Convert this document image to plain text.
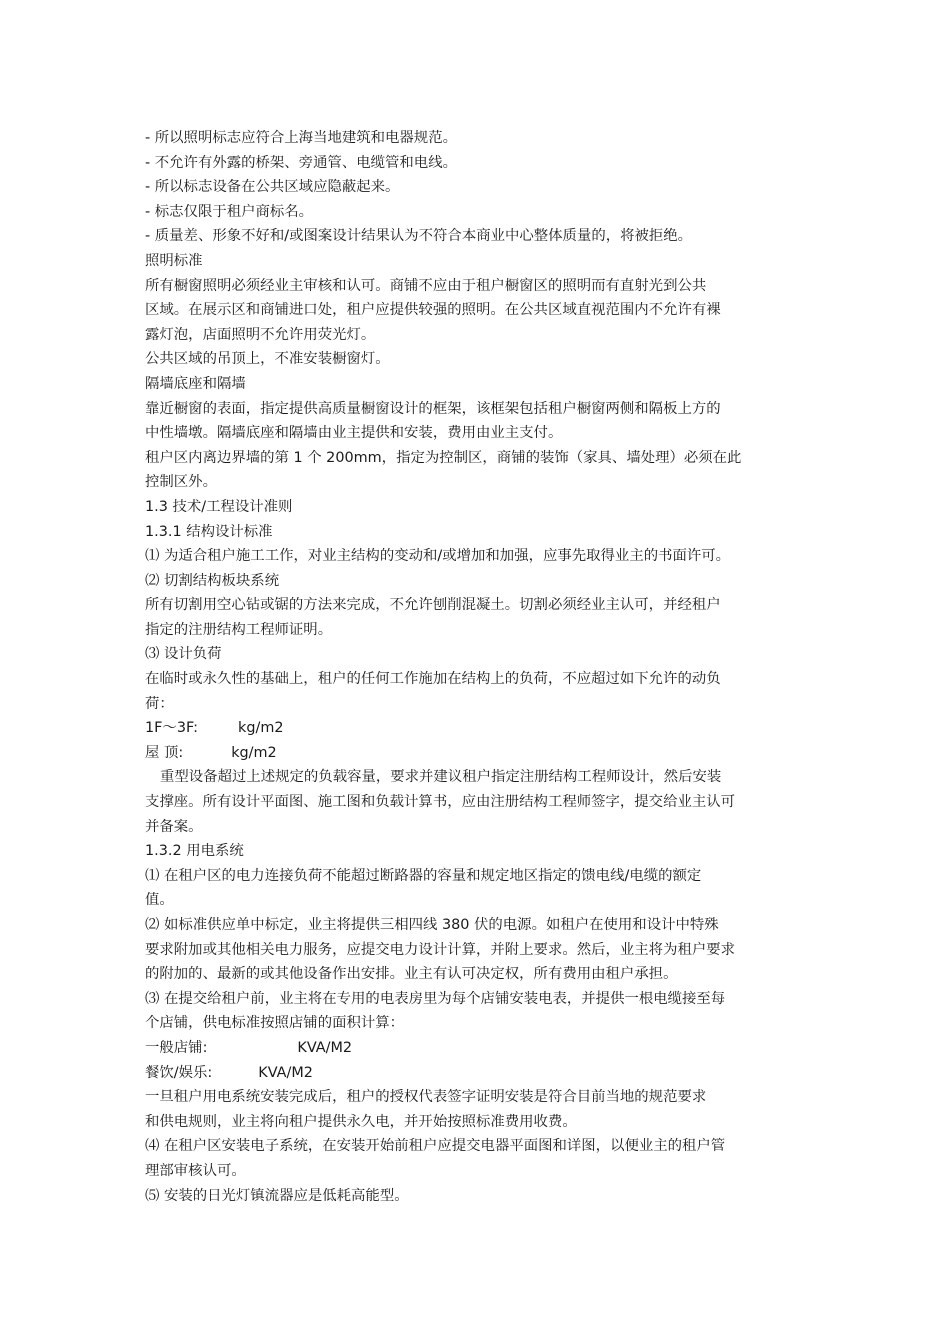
- 所以照明标志应符合上海当地建筑和电器规范。

- 不允许有外露的桥架、旁通管、电缆管和电线。

- 所以标志设备在公共区域应隐蔽起来。

- 标志仅限于租户商标名。

- 质量差、形象不好和/或图案设计结果认为不符合本商业中心整体质量的，将被拒绝。

照明标准

所有橱窗照明必须经业主审核和认可。商铺不应由于租户橱窗区的照明而有直射光到公共

区域。在展示区和商铺进口处，租户应提供较强的照明。在公共区域直视范围内不允许有裸

露灯泡，店面照明不允许用荧光灯。

公共区域的吊顶上，不准安装橱窗灯。

隔墙底座和隔墙

靠近橱窗的表面，指定提供高质量橱窗设计的框架，该框架包括租户橱窗两侧和隔板上方的

中性墙墩。隔墙底座和隔墙由业主提供和安装，费用由业主支付。

租户区内离边界墙的第 1 个 200mm，指定为控制区，商铺的装饰（家具、墙处理）必须在此

控制区外。

1.3 技术/工程设计准则

1.3.1 结构设计标准

⑴ 为适合租户施工工作，对业主结构的变动和/或增加和加强，应事先取得业主的书面许可。

⑵ 切割结构板块系统

所有切割用空心钻或锯的方法来完成，不允许刨削混凝土。切割必须经业主认可，并经租户

指定的注册结构工程师证明。

⑶ 设计负荷

在临时或永久性的基础上，租户的任何工作施加在结构上的负荷，不应超过如下允许的动负

荷：

1F～3F:	kg/m2

屋 顶:	kg/m2

重型设备超过上述规定的负载容量，要求并建议租户指定注册结构工程师设计，然后安装

支撑座。所有设计平面图、施工图和负载计算书，应由注册结构工程师签字，提交给业主认可

并备案。

1.3.2 用电系统

⑴ 在租户区的电力连接负荷不能超过断路器的容量和规定地区指定的馈电线/电缆的额定

值。

⑵ 如标准供应单中标定，业主将提供三相四线 380 伏的电源。如租户在使用和设计中特殊

要求附加或其他相关电力服务，应提交电力设计计算，并附上要求。然后，业主将为租户要求

的附加的、最新的或其他设备作出安排。业主有认可决定权，所有费用由租户承担。

⑶ 在提交给租户前，业主将在专用的电表房里为每个店铺安装电表，并提供一根电缆接至每

个店铺，供电标准按照店铺的面积计算：

一般店铺:	KVA/M2

餐饮/娱乐:	KVA/M2

一旦租户用电系统安装完成后，租户的授权代表签字证明安装是符合目前当地的规范要求

和供电规则，业主将向租户提供永久电，并开始按照标准费用收费。

⑷ 在租户区安装电子系统，在安装开始前租户应提交电器平面图和详图，以便业主的租户管

理部审核认可。

⑸ 安装的日光灯镇流器应是低耗高能型。
